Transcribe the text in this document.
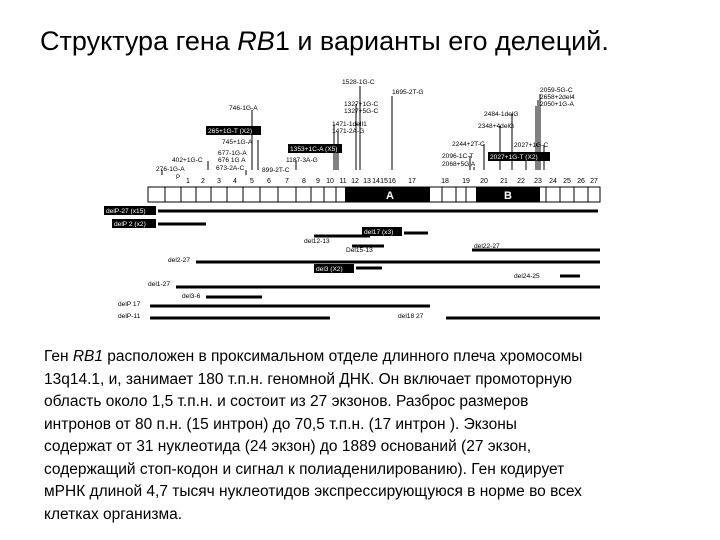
Структура гена RB1 и варианты его делеций.
1528-1G-C
1695-2T-G	2059-5G-C
2658+2del4
2050+1G-A
746-1G-A
1327+1G-C
1327+5G-C	2484-1delG
1471-1delI1
1471-2A-G
2348+4delG
265+1G-T (X2)
745+1G-A	2244+2T-C	2027+1G-C
1353+1C-A (X5)
677-1G-A	2096-1C-T 2027+1G-T (X2)
402+1G-C 676 1G A	1187-3A-G
2068+5G A
276-1G-A	673-2A-C	899-2T-C
P 1 2 3 4 5 6 7 8 9 10 11 12 13 14 15 16 17	18 19 20 21 22 23 24 25 26 27
A	B
delP-27 (x15)
delP 2 (x2)
del17 (x3)
del12-13
del22-27
Del15-13
del2-27
del3 (X2)
del24-25
del1-27
del3-6
delP 17
delP-11	del18 27
Ген RB1 расположен в проксимальном отделе длинного плеча хромосомы
13q14.1, и, занимает 180 т.п.н. геномной ДНК. Он включает промоторную
область около 1,5 т.п.н. и состоит из 27 экзонов. Разброс размеров
интронов от 80 п.н. (15 интрон) до 70,5 т.п.н. (17 интрон ). Экзоны
содержат от 31 нуклеотида (24 экзон) до 1889 оснований (27 экзон,
содержащий стоп-кодон и сигнал к полиаденилированию). Ген кодирует
мРНК длиной 4,7 тысяч нуклеотидов экспрессирующуюся в норме во всех
клетках организма.
